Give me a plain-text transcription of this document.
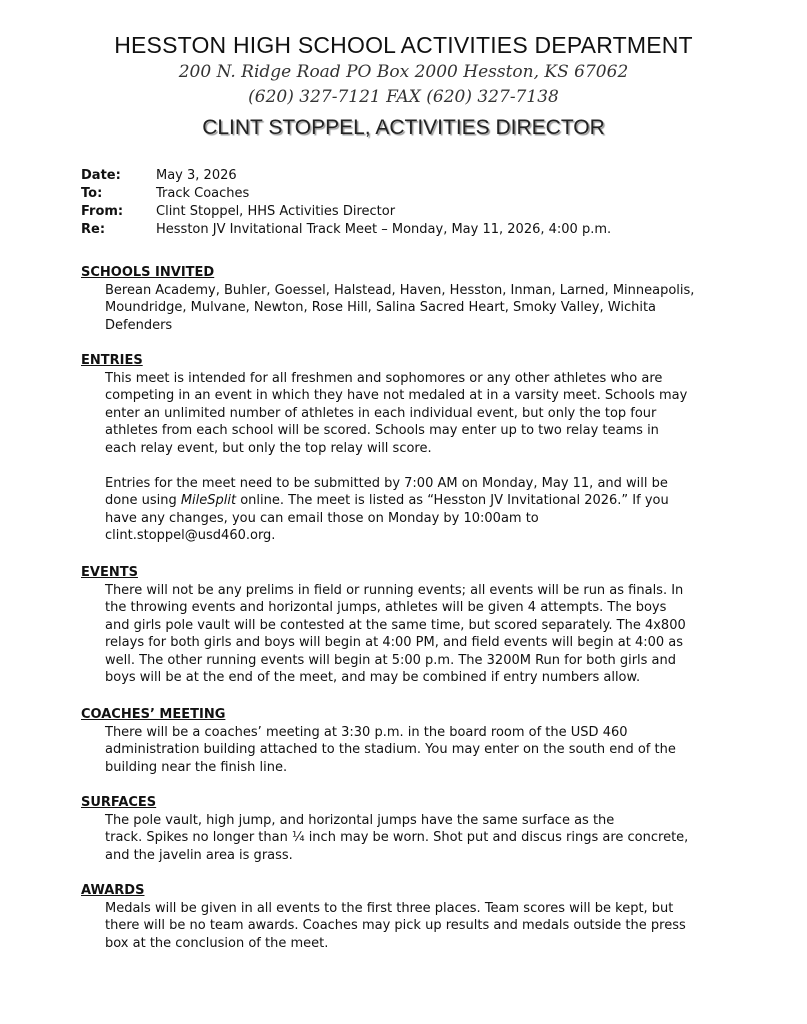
HESSTON HIGH SCHOOL ACTIVITIES DEPARTMENT
200 N. Ridge Road PO Box 2000 Hesston, KS 67062
(620) 327-7121 FAX (620) 327-7138
CLINT STOPPEL, ACTIVITIES DIRECTOR
Date:	May 3, 2026
To:	Track Coaches
From:	Clint Stoppel, HHS Activities Director
Re:	Hesston JV Invitational Track Meet – Monday, May 11, 2026, 4:00 p.m.
SCHOOLS INVITED
Berean Academy, Buhler, Goessel, Halstead, Haven, Hesston, Inman, Larned, Minneapolis,
Moundridge, Mulvane, Newton, Rose Hill, Salina Sacred Heart, Smoky Valley, Wichita
Defenders
ENTRIES
This meet is intended for all freshmen and sophomores or any other athletes who are
competing in an event in which they have not medaled at in a varsity meet. Schools may
enter an unlimited number of athletes in each individual event, but only the top four
athletes from each school will be scored. Schools may enter up to two relay teams in
each relay event, but only the top relay will score.
Entries for the meet need to be submitted by 7:00 AM on Monday, May 11, and will be
done using MileSplit online. The meet is listed as “Hesston JV Invitational 2026.” If you
have any changes, you can email those on Monday by 10:00am to
clint.stoppel@usd460.org.
EVENTS
There will not be any prelims in field or running events; all events will be run as finals. In
the throwing events and horizontal jumps, athletes will be given 4 attempts. The boys
and girls pole vault will be contested at the same time, but scored separately. The 4x800
relays for both girls and boys will begin at 4:00 PM, and field events will begin at 4:00 as
well. The other running events will begin at 5:00 p.m. The 3200M Run for both girls and
boys will be at the end of the meet, and may be combined if entry numbers allow.
COACHES’ MEETING
There will be a coaches’ meeting at 3:30 p.m. in the board room of the USD 460
administration building attached to the stadium. You may enter on the south end of the
building near the finish line.
SURFACES
The pole vault, high jump, and horizontal jumps have the same surface as the
track. Spikes no longer than ¼ inch may be worn. Shot put and discus rings are concrete,
and the javelin area is grass.
AWARDS
Medals will be given in all events to the first three places. Team scores will be kept, but
there will be no team awards. Coaches may pick up results and medals outside the press
box at the conclusion of the meet.
